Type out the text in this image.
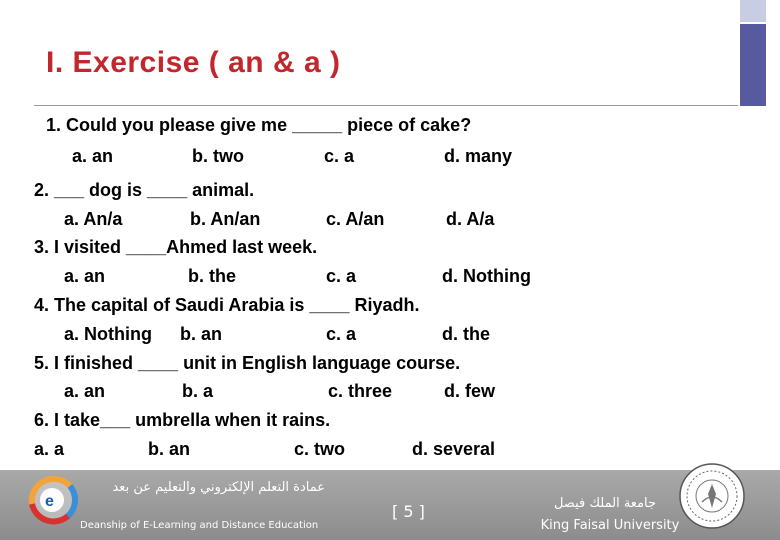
I. Exercise ( an & a )
1. Could you please give me _____ piece of cake?
a. an	b. two	c. a	d. many
2. ___ dog is ____ animal.
a. An/a	b. An/an	c. A/an	d. A/a
3. I visited ____Ahmed last week.
a. an	b. the	c. a	d. Nothing
4. The capital of Saudi Arabia is ____ Riyadh.
a. Nothing b. an	c. a	d. the
5. I finished ____ unit in English language course.
a. an	b. a	c. three	d. few
6. I take___ umbrella when it rains.
a. a	b. an	c. two	d. several
e
عمادة التعلم الإلكتروني والتعليم عن بعد
Deanship of E-Learning and Distance Education
[ 5 ]	جامعة الملك فيصل
King Faisal University
